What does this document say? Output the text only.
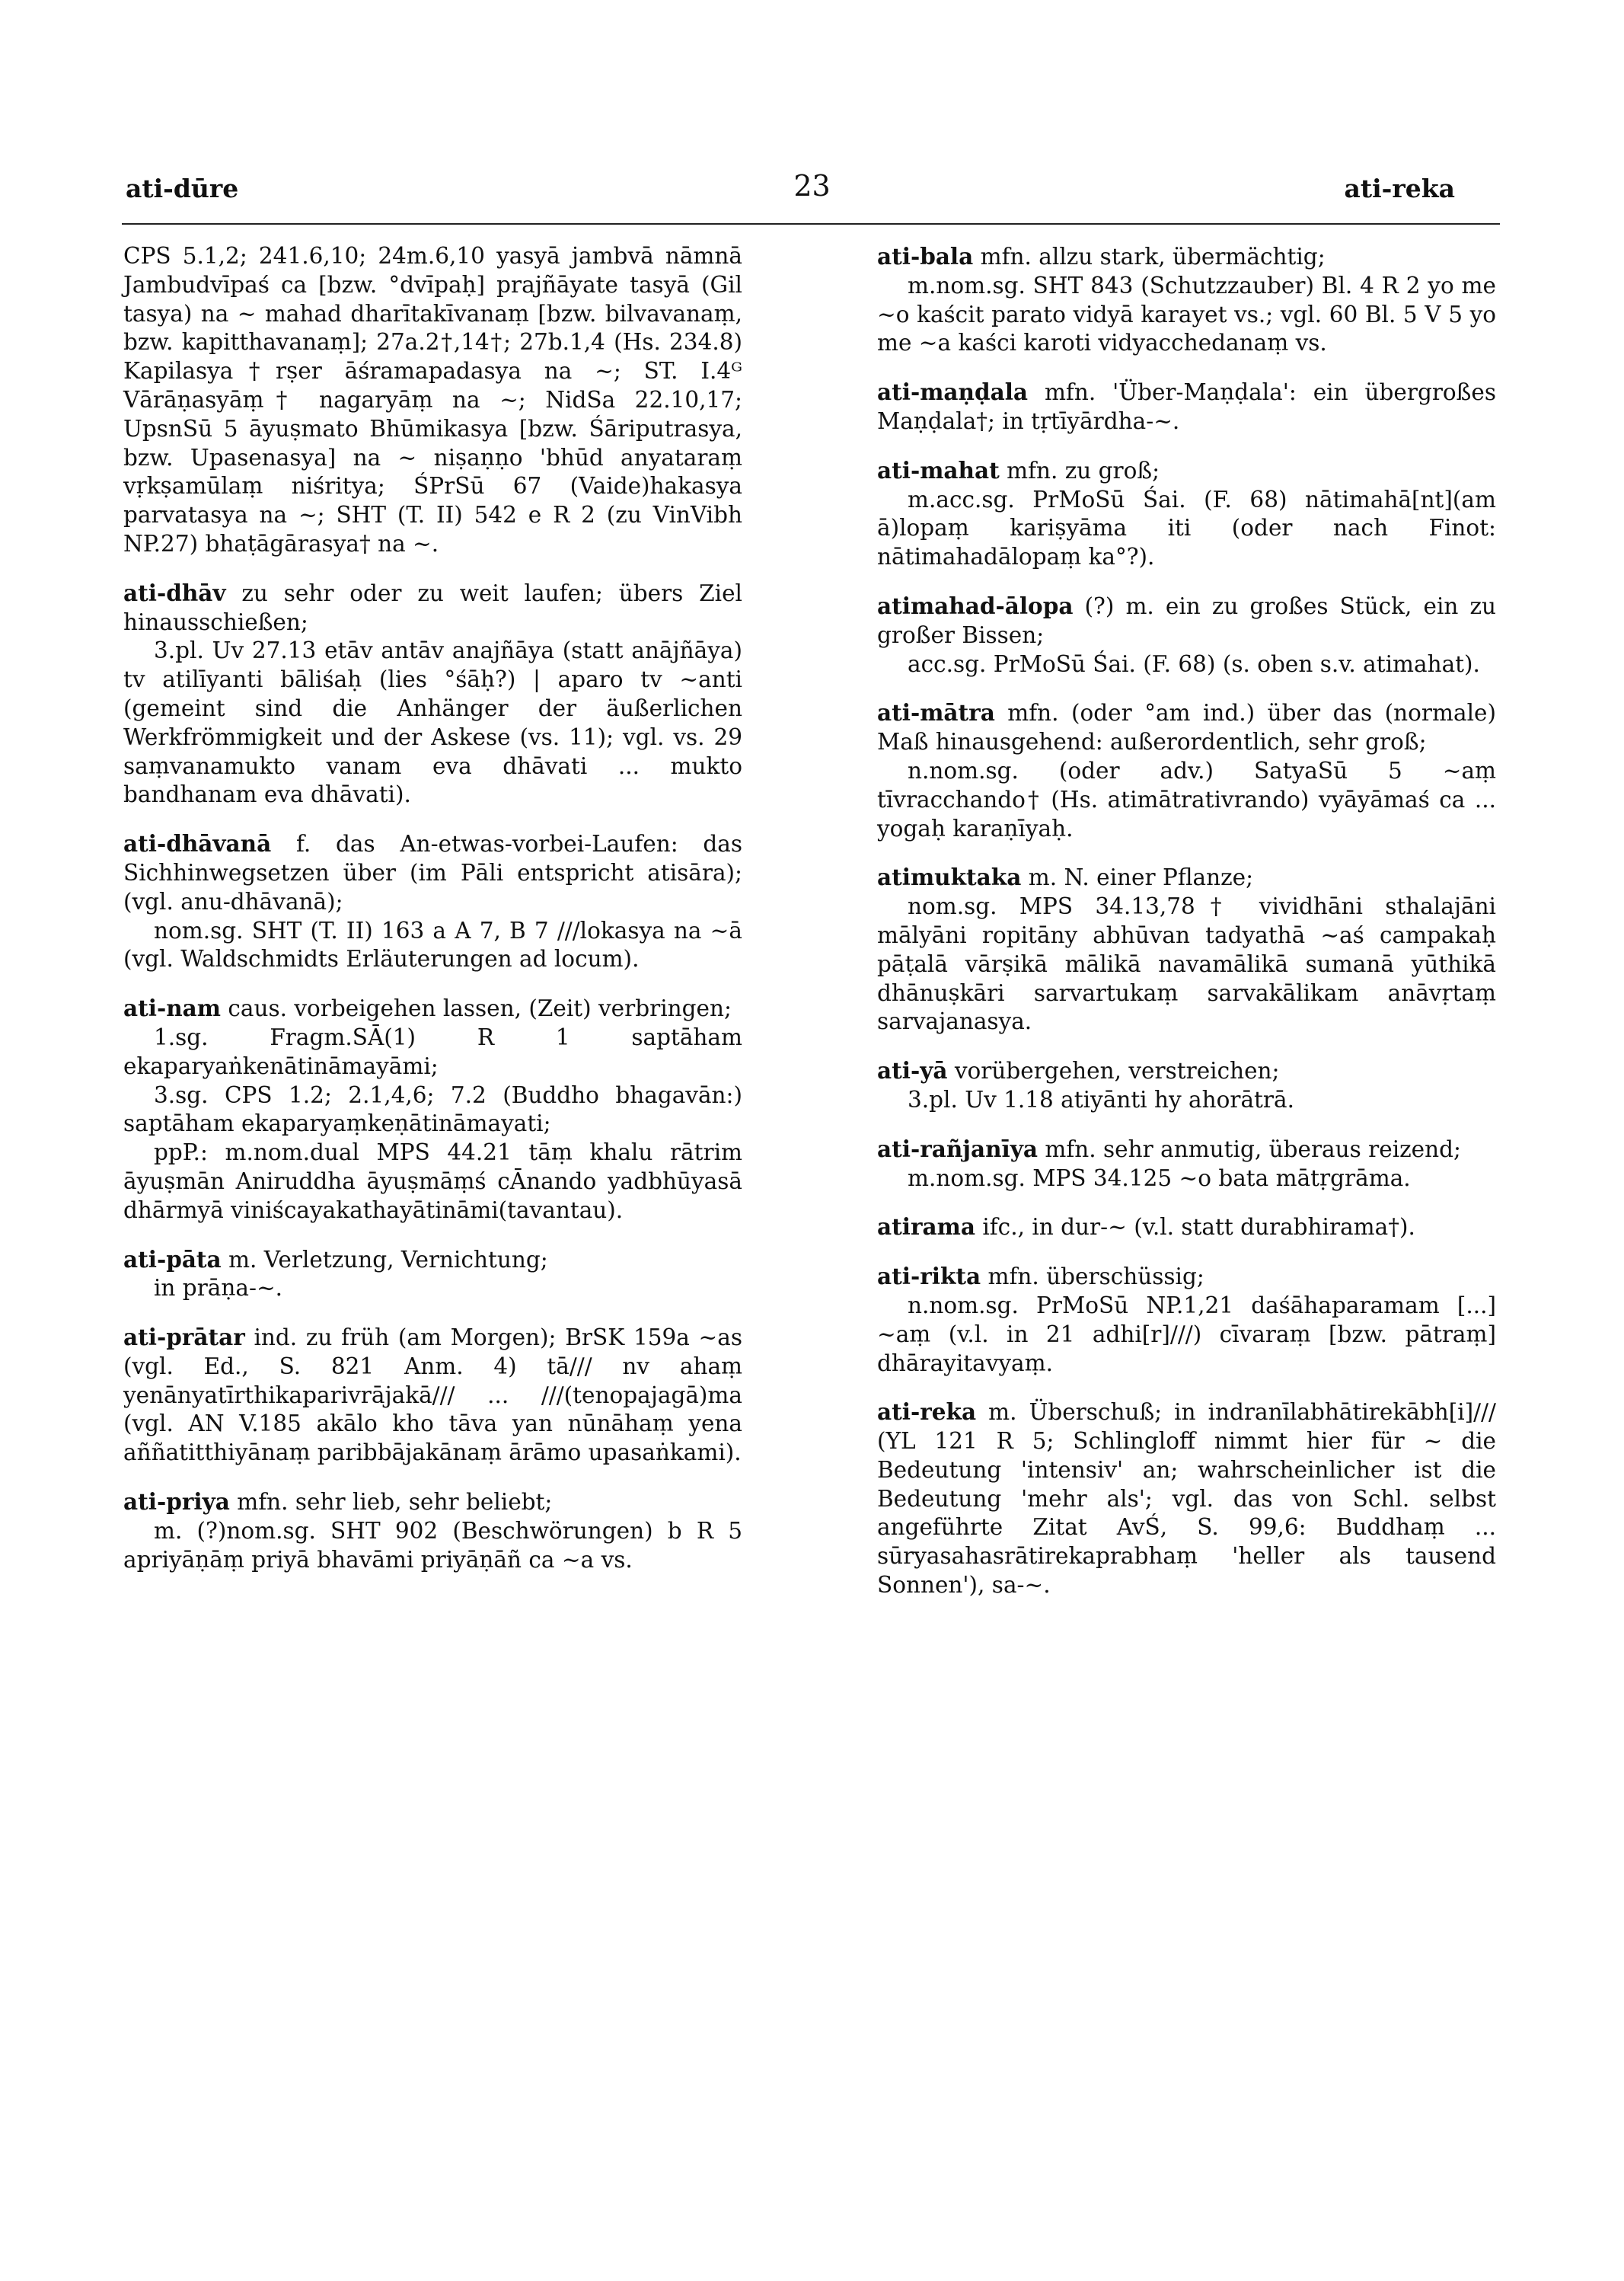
ati-dūre	23	ati-reka

CPS 5.1,2; 241.6,10; 24m.6,10 yasyā jambvā nāmnā Jambudvīpaś ca [bzw. °dvīpaḥ] prajñāyate tasyā (Gil tasya) na ~ mahad dharītakīvanaṃ [bzw. bilvavanaṃ, bzw. kapitthavanaṃ]; 27a.2†,14†; 27b.1,4 (Hs. 234.8) Kapilasya†rṣer āśramapadasya na ~; ST. I.4ᴳ Vārāṇasyāṃ† nagaryāṃ na ~; NidSa 22.10,17; UpsnSū 5 āyuṣmato Bhūmikasya [bzw. Śāriputrasya, bzw. Upasenasya] na ~ niṣaṇṇo 'bhūd anyataraṃ vṛkṣamūlaṃ niśritya; ŚPrSū 67 (Vaide)hakasya parvatasya na ~; SHT (T. II) 542 e R 2 (zu VinVibh NP.27) bhaṭāgārasya† na ~.

ati-dhāv zu sehr oder zu weit laufen; übers Ziel hinausschießen;

3.pl. Uv 27.13 etāv antāv anajñāya (statt anājñāya) tv atilīyanti bāliśaḥ (lies °śāḥ?) | aparo tv ~anti (gemeint sind die Anhänger der äußerlichen Werkfrömmigkeit und der Askese (vs. 11); vgl. vs. 29 saṃvanamukto vanam eva dhāvati ... mukto bandhanam eva dhāvati).

ati-dhāvanā f. das An-etwas-vorbei-Laufen: das Sichhinwegsetzen über (im Pāli entspricht atisāra); (vgl. anu-dhāvanā);

nom.sg. SHT (T. II) 163 a A 7, B 7 ///lokasya na ~ā (vgl. Waldschmidts Erläuterungen ad locum).

ati-nam caus. vorbeigehen lassen, (Zeit) verbringen;

1.sg. Fragm.SĀ(1) R 1 saptāham ekaparyaṅkenātināmayāmi;

3.sg. CPS 1.2; 2.1,4,6; 7.2 (Buddho bhagavān:) saptāham ekaparyaṃkeṇātināmayati;

ppP.: m.nom.dual MPS 44.21 tāṃ khalu rātrim āyuṣmān Aniruddha āyuṣmāṃś cĀnando yadbhūyasā dhārmyā viniścayakathayātināmi(tavantau).

ati-pāta m. Verletzung, Vernichtung;

in prāṇa-~.

ati-prātar ind. zu früh (am Morgen); BrSK 159a ~as (vgl. Ed., S. 821 Anm. 4) tā/// nv ahaṃ yenānyatīrthikaparivrājakā/// ... ///(tenopajagā)ma (vgl. AN V.185 akālo kho tāva yan nūnāhaṃ yena aññatitthiyānaṃ paribbājakānaṃ ārāmo upasaṅkami).

ati-priya mfn. sehr lieb, sehr beliebt;

m. (?)nom.sg. SHT 902 (Beschwörungen) b R 5 apriyāṇāṃ priyā bhavāmi priyāṇāñ ca ~a vs.

ati-bala mfn. allzu stark, übermächtig;

m.nom.sg. SHT 843 (Schutzzauber) Bl. 4 R 2 yo me ~o kaścit parato vidyā karayet vs.; vgl. 60 Bl. 5 V 5 yo me ~a kaści karoti vidyacchedanaṃ vs.

ati-maṇḍala mfn. 'Über-Maṇḍala': ein übergroßes Maṇḍala†; in tṛtīyārdha-~.

ati-mahat mfn. zu groß;

m.acc.sg. PrMoSū Śai. (F. 68) nātimahā[nt](am ā)lopaṃ kariṣyāma iti (oder nach Finot: nātimahadālopaṃ ka°?).

atimahad-ālopa (?) m. ein zu großes Stück, ein zu großer Bissen;

acc.sg. PrMoSū Śai. (F. 68) (s. oben s.v. atimahat).

ati-mātra mfn. (oder °am ind.) über das (normale) Maß hinausgehend: außerordentlich, sehr groß;

n.nom.sg. (oder adv.) SatyaSū 5 ~aṃ tīvracchando† (Hs. atimātrativrando) vyāyāmaś ca ... yogaḥ karaṇīyaḥ.

atimuktaka m. N. einer Pflanze;

nom.sg. MPS 34.13,78† vividhāni sthalajāni mālyāni ropitāny abhūvan tadyathā ~aś campakaḥ pāṭalā vārṣikā mālikā navamālikā sumanā yūthikā dhānuṣkāri sarvartukaṃ sarvakālikam anāvṛtaṃ sarvajanasya.

ati-yā vorübergehen, verstreichen;

3.pl. Uv 1.18 atiyānti hy ahorātrā.

ati-rañjanīya mfn. sehr anmutig, überaus reizend;

m.nom.sg. MPS 34.125 ~o bata mātṛgrāma.

atirama ifc., in dur-~ (v.l. statt durabhirama†).

ati-rikta mfn. überschüssig;

n.nom.sg. PrMoSū NP.1,21 daśāhaparamam [...] ~aṃ (v.l. in 21 adhi[r]///) cīvaraṃ [bzw. pātraṃ] dhārayitavyaṃ.

ati-reka m. Überschuß; in indranīlabhātirekābh[i]/// (YL 121 R 5; Schlingloff nimmt hier für ~ die Bedeutung 'intensiv' an; wahrscheinlicher ist die Bedeutung 'mehr als'; vgl. das von Schl. selbst angeführte Zitat AvŚ, S. 99,6: Buddhaṃ ... sūryasahasrātirekaprabhaṃ 'heller als tausend Sonnen'), sa-~.
